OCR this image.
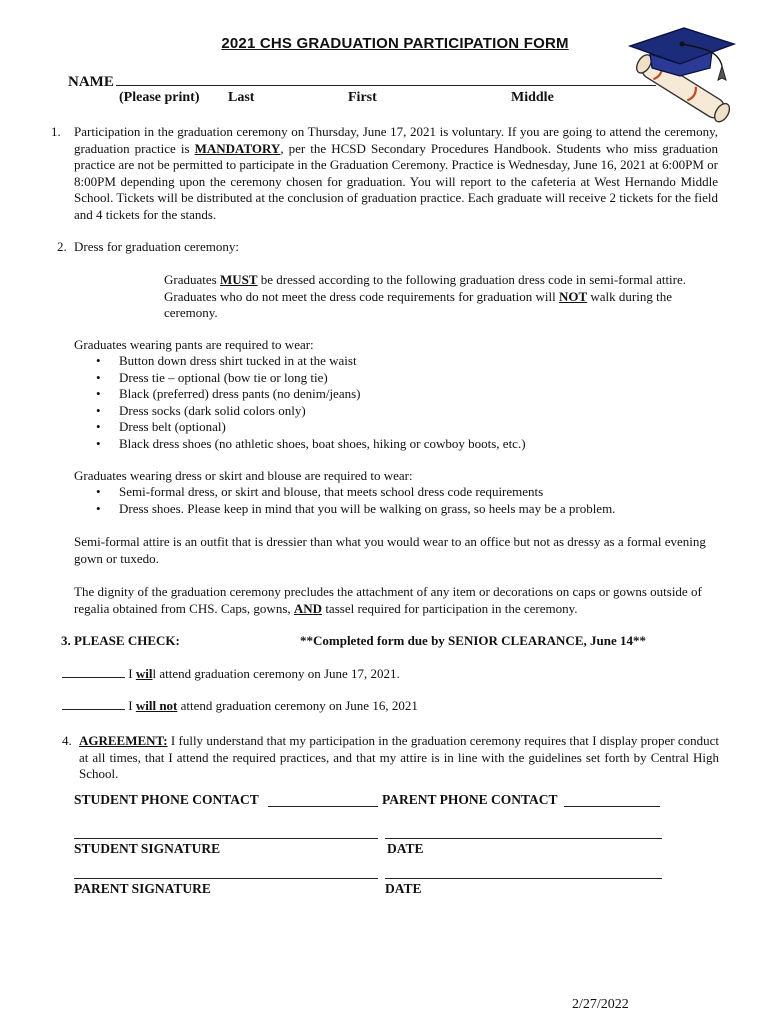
2021 CHS GRADUATION PARTICIPATION FORM
NAME
(Please print) Last	First	Middle
1. Participation in the graduation ceremony on Thursday, June 17, 2021 is voluntary. If you are going to attend the ceremony, graduation practice is MANDATORY, per the HCSD Secondary Procedures Handbook. Students who miss graduation practice are not be permitted to participate in the Graduation Ceremony. Practice is Wednesday, June 16, 2021 at 6:00PM or 8:00PM depending upon the ceremony chosen for graduation. You will report to the cafeteria at West Hernando Middle School. Tickets will be distributed at the conclusion of graduation practice. Each graduate will receive 2 tickets for the field and 4 tickets for the stands.
2. Dress for graduation ceremony:
Graduates MUST be dressed according to the following graduation dress code in semi-formal attire. Graduates who do not meet the dress code requirements for graduation will NOT walk during the ceremony.
Graduates wearing pants are required to wear:
• Button down dress shirt tucked in at the waist
• Dress tie – optional (bow tie or long tie)
• Black (preferred) dress pants (no denim/jeans)
• Dress socks (dark solid colors only)
• Dress belt (optional)
• Black dress shoes (no athletic shoes, boat shoes, hiking or cowboy boots, etc.)
Graduates wearing dress or skirt and blouse are required to wear:
• Semi-formal dress, or skirt and blouse, that meets school dress code requirements
• Dress shoes. Please keep in mind that you will be walking on grass, so heels may be a problem.
Semi-formal attire is an outfit that is dressier than what you would wear to an office but not as dressy as a formal evening gown or tuxedo.
The dignity of the graduation ceremony precludes the attachment of any item or decorations on caps or gowns outside of regalia obtained from CHS. Caps, gowns, AND tassel required for participation in the ceremony.
3. PLEASE CHECK:	**Completed form due by SENIOR CLEARANCE, June 14**
I will attend graduation ceremony on June 17, 2021.
I will not attend graduation ceremony on June 16, 2021
4. AGREEMENT: I fully understand that my participation in the graduation ceremony requires that I display proper conduct at all times, that I attend the required practices, and that my attire is in line with the guidelines set forth by Central High School.
STUDENT PHONE CONTACT	PARENT PHONE CONTACT
STUDENT SIGNATURE	DATE
PARENT SIGNATURE	DATE
2/27/2022
